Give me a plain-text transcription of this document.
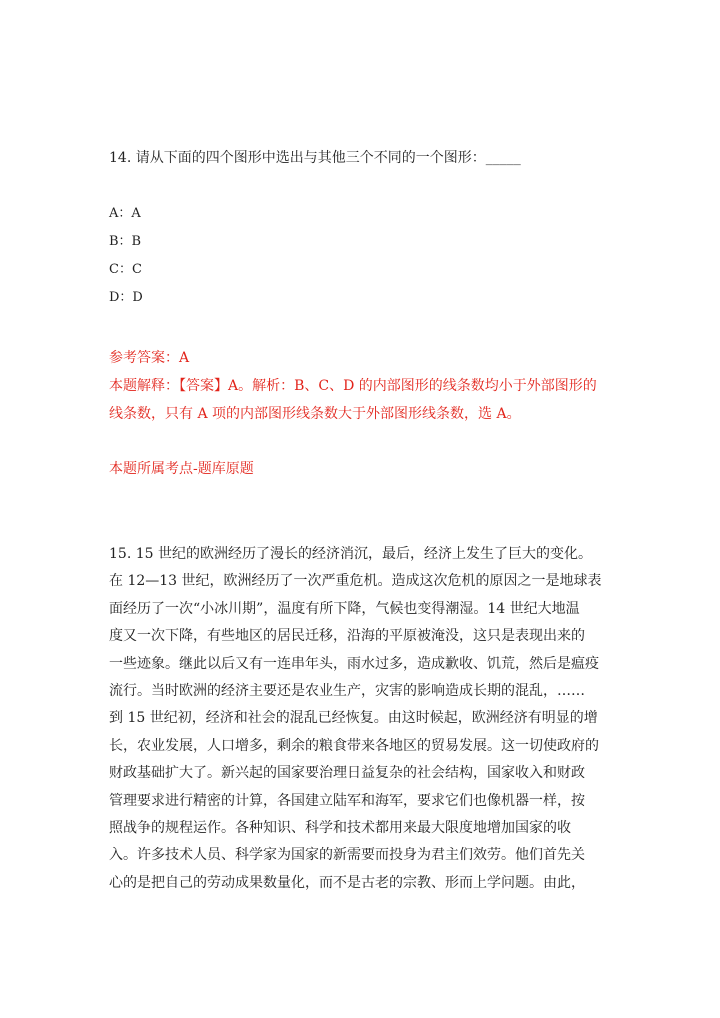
14. 请从下面的四个图形中选出与其他三个不同的一个图形：_____
A：A
B：B
C：C
D：D
参考答案：A
本题解释：【答案】A。解析：B、C、D 的内部图形的线条数均小于外部图形的
线条数，只有 A 项的内部图形线条数大于外部图形线条数，选 A。
本题所属考点-题库原题
15. 15 世纪的欧洲经历了漫长的经济消沉，最后，经济上发生了巨大的变化。
在 12—13 世纪，欧洲经历了一次严重危机。造成这次危机的原因之一是地球表
面经历了一次“小冰川期”，温度有所下降，气候也变得潮湿。14 世纪大地温
度又一次下降，有些地区的居民迁移，沿海的平原被淹没，这只是表现出来的
一些迹象。继此以后又有一连串年头，雨水过多，造成歉收、饥荒，然后是瘟疫
流行。当时欧洲的经济主要还是农业生产，灾害的影响造成长期的混乱，……
到 15 世纪初，经济和社会的混乱已经恢复。由这时候起，欧洲经济有明显的增
长，农业发展，人口增多，剩余的粮食带来各地区的贸易发展。这一切使政府的
财政基础扩大了。新兴起的国家要治理日益复杂的社会结构，国家收入和财政
管理要求进行精密的计算，各国建立陆军和海军，要求它们也像机器一样，按
照战争的规程运作。各种知识、科学和技术都用来最大限度地增加国家的收
入。许多技术人员、科学家为国家的新需要而投身为君主们效劳。他们首先关
心的是把自己的劳动成果数量化，而不是古老的宗教、形而上学问题。由此，
